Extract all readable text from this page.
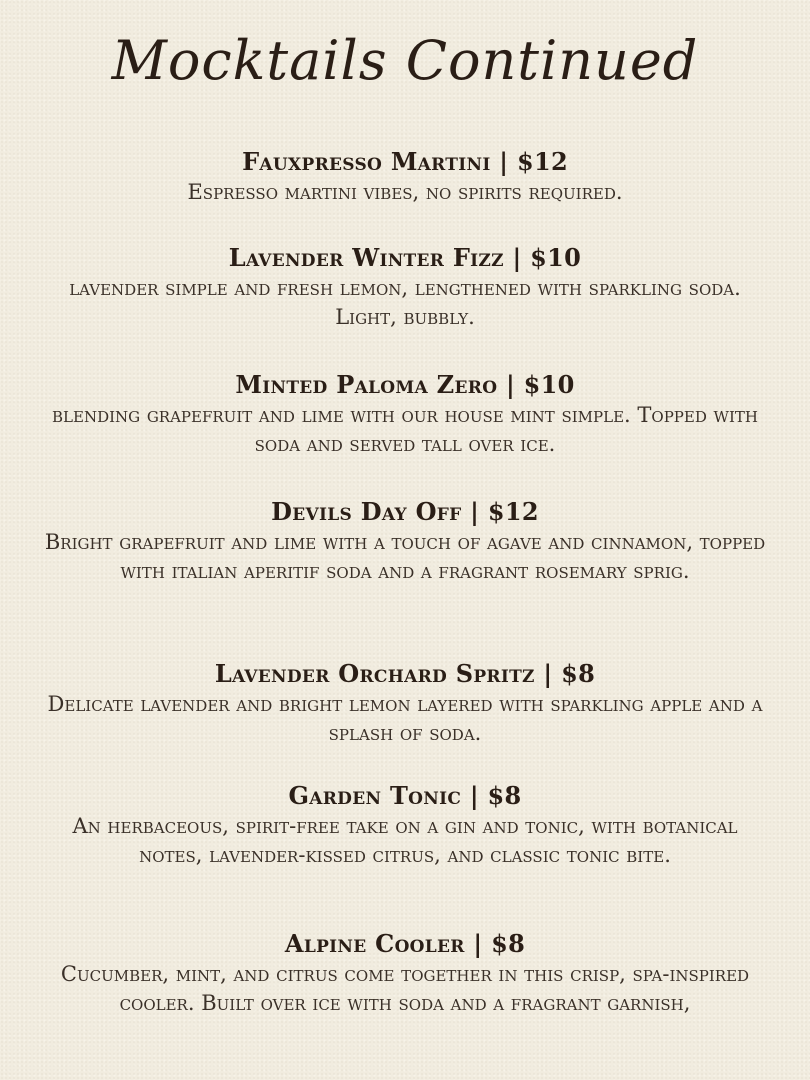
Mocktails Continued
Fauxpresso Martini | $12
Espresso martini vibes, no spirits required.
Lavender Winter Fizz | $10
lavender simple and fresh lemon, lengthened with sparkling soda. Light, bubbly.
Minted Paloma Zero | $10
blending grapefruit and lime with our house mint simple. Topped with soda and served tall over ice.
Devils Day Off | $12
Bright grapefruit and lime with a touch of agave and cinnamon, topped with italian aperitif soda and a fragrant rosemary sprig.
Lavender Orchard Spritz | $8
Delicate lavender and bright lemon layered with sparkling apple and a splash of soda.
Garden Tonic | $8
An herbaceous, spirit-free take on a gin and tonic, with botanical notes, lavender-kissed citrus, and classic tonic bite.
Alpine Cooler | $8
Cucumber, mint, and citrus come together in this crisp, spa-inspired cooler. Built over ice with soda and a fragrant garnish,
